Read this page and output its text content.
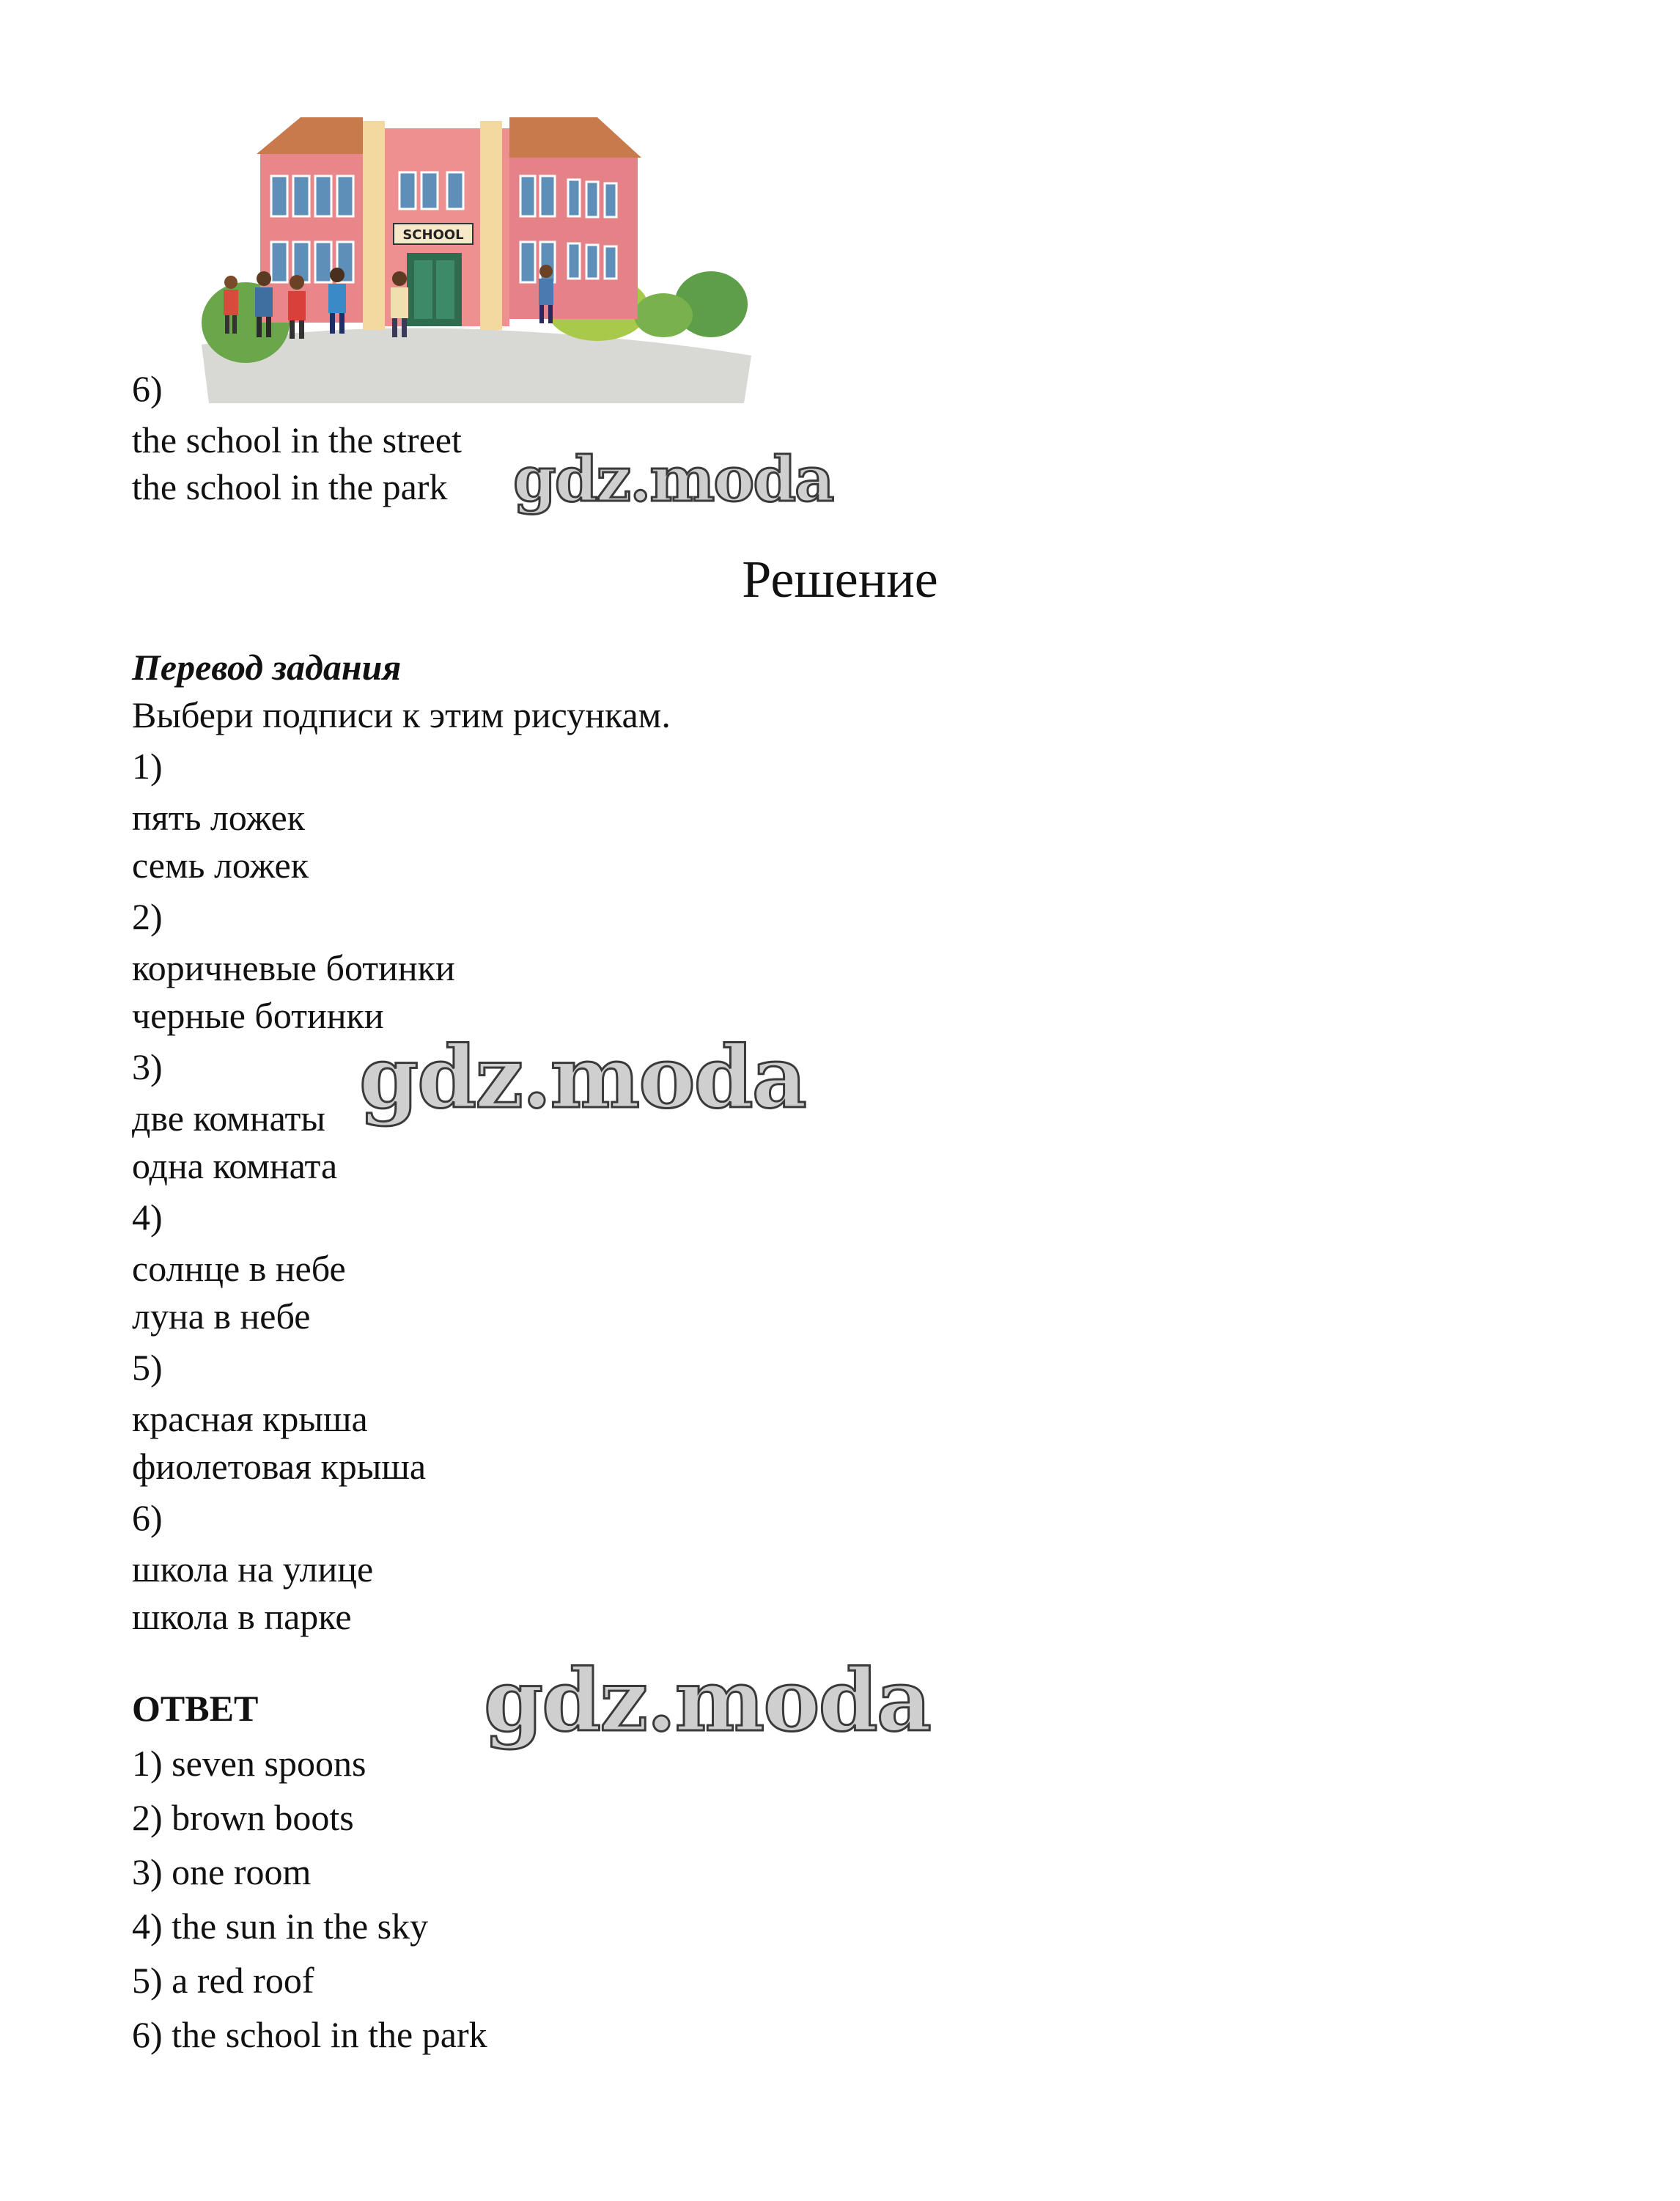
SCHOOL
6)
the school in the street
the school in the park gdz.moda
Решение
Перевод задания
Выбери подписи к этим рисункам.
1)
пять ложек
семь ложек
2)
коричневые ботинки
черные ботинки
3)
две комнаты
одна комната
gdz.moda
4)
солнце в небе
луна в небе
5)
красная крыша
фиолетовая крыша
6)
школа на улице
школа в парке
ОТВЕТ	gdz.moda
1) seven spoons
2) brown boots
3) one room
4) the sun in the sky
5) a red roof
6) the school in the park
